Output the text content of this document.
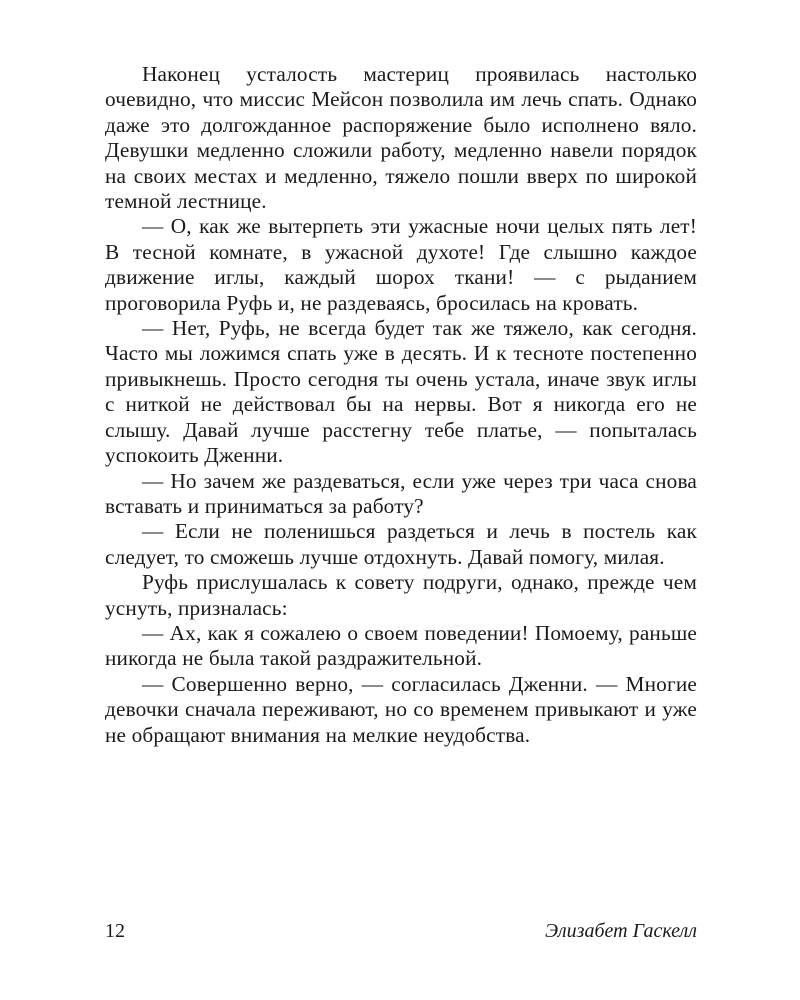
Наконец усталость мастериц проявилась настолько очевидно, что миссис Мейсон позволила им лечь спать. Однако даже это долгожданное распоряжение было исполнено вяло. Девушки медленно сложили работу, медленно навели порядок на своих местах и медленно, тяжело пошли вверх по широкой темной лестнице.

— О, как же вытерпеть эти ужасные ночи целых пять лет! В тесной комнате, в ужасной духоте! Где слышно каждое движение иглы, каждый шорох ткани! — с рыданием проговорила Руфь и, не раздеваясь, бросилась на кровать.

— Нет, Руфь, не всегда будет так же тяжело, как сегодня. Часто мы ложимся спать уже в десять. И к тесноте постепенно привыкнешь. Просто сегодня ты очень устала, иначе звук иглы с ниткой не действовал бы на нервы. Вот я никогда его не слышу. Давай лучше расстегну тебе платье, — попыталась успокоить Дженни.

— Но зачем же раздеваться, если уже через три часа снова вставать и приниматься за работу?

— Если не поленишься раздеться и лечь в постель как следует, то сможешь лучше отдохнуть. Давай помогу, милая.

Руфь прислушалась к совету подруги, однако, прежде чем уснуть, призналась:

— Ах, как я сожалею о своем поведении! Помоему, раньше никогда не была такой раздражительной.

— Совершенно верно, — согласилась Дженни. — Многие девочки сначала переживают, но со временем привыкают и уже не обращают внимания на мелкие неудобства.

12	Элизабет Гаскелл
